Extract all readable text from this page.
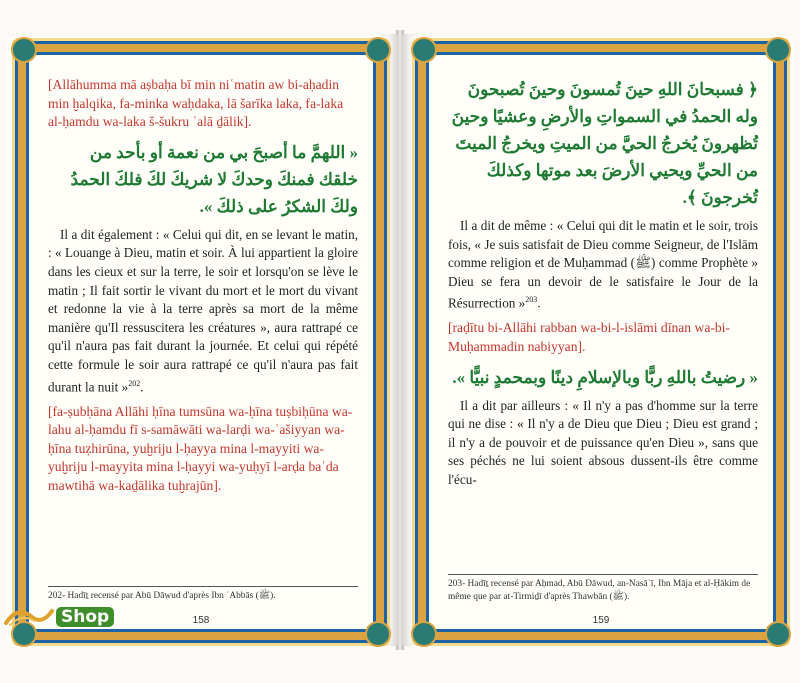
[Allāhumma mā aṣbaḥa bī min niʿmatin aw bi-aḥadin min ḫalqika, fa-minka waḥdaka, lā šarīka laka, fa-laka al-ḥamdu wa-laka š-šukru ʿalā ḏālik].

« اللهمَّ ما أصبحَ بي من نعمة أو بأحد من خلقك فمنكَ وحدكَ لا شريكَ لكَ فلكَ الحمدُ ولكَ الشكرُ على ذلكَ ».

Il a dit également : « Celui qui dit, en se levant le matin, : « Louange à Dieu, matin et soir. À lui appartient la gloire dans les cieux et sur la terre, le soir et lorsqu'on se lève le matin ; Il fait sortir le vivant du mort et le mort du vivant et redonne la vie à la terre après sa mort de la même manière qu'Il ressuscitera les créatures », aura rattrapé ce qu'il n'aura pas fait durant la journée. Et celui qui répété cette formule le soir aura rattrapé ce qu'il n'aura pas fait durant la nuit »$^{202}$.

[fa-ṣubḥāna Allāhi ḥīna tumsūna wa-ḥīna tuṣbiḥūna wa-lahu al-ḥamdu fī s-samāwāti wa-larḍi wa-ʿašiyyan wa-ḥīna tuẓhirūna, yuḫriju l-ḥayya mina l-mayyiti wa-yuḫriju l-mayyita mina l-ḥayyi wa-yuḥyī l-arḍa baʿda mawtihā wa-kaḏālika tuḫrajūn].

202- Hadīṯ recensé par Abū Dāwud d'après Ibn ʿAbbās (ﷺ).
158

﴿ فسبحانَ اللهِ حينَ تُمسونَ وحينَ تُصبحونَ وله الحمدُ في السمواتِ والأرضِ وعشيًا وحينَ تُظهرونَ يُخرجُ الحيَّ من الميتِ ويخرجُ الميتَ من الحيِّ ويحيي الأرضَ بعد موتها وكذلكَ تُخرجونَ ﴾.

Il a dit de même : « Celui qui dit le matin et le soir, trois fois, « Je suis satisfait de Dieu comme Seigneur, de l'Islām comme religion et de Muḥammad (ﷺ) comme Prophète » Dieu se fera un devoir de le satisfaire le Jour de la Résurrection »$^{203}$.

[raḍītu bi-Allāhi rabban wa-bi-l-islāmi dīnan wa-bi-Muḥammadin nabiyyan].

« رضيتُ باللهِ ربًّا وبالإسلامِ دينًا وبمحمدٍ نبيًّا ».

Il a dit par ailleurs : « Il n'y a pas d'homme sur la terre qui ne dise : « Il n'y a de Dieu que Dieu ; Dieu est grand ; il n'y a de pouvoir et de puissance qu'en Dieu », sans que ses péchés ne lui soient absous dussent-ils être comme l'écu-

203- Hadīṯ recensé par Aḥmad, Abū Dāwud, an-Nasāʾī, Ibn Māja et al-Ḥākim de même que par at-Tirmiḏī d'après Thawbān (ﷺ).
159
Shop
